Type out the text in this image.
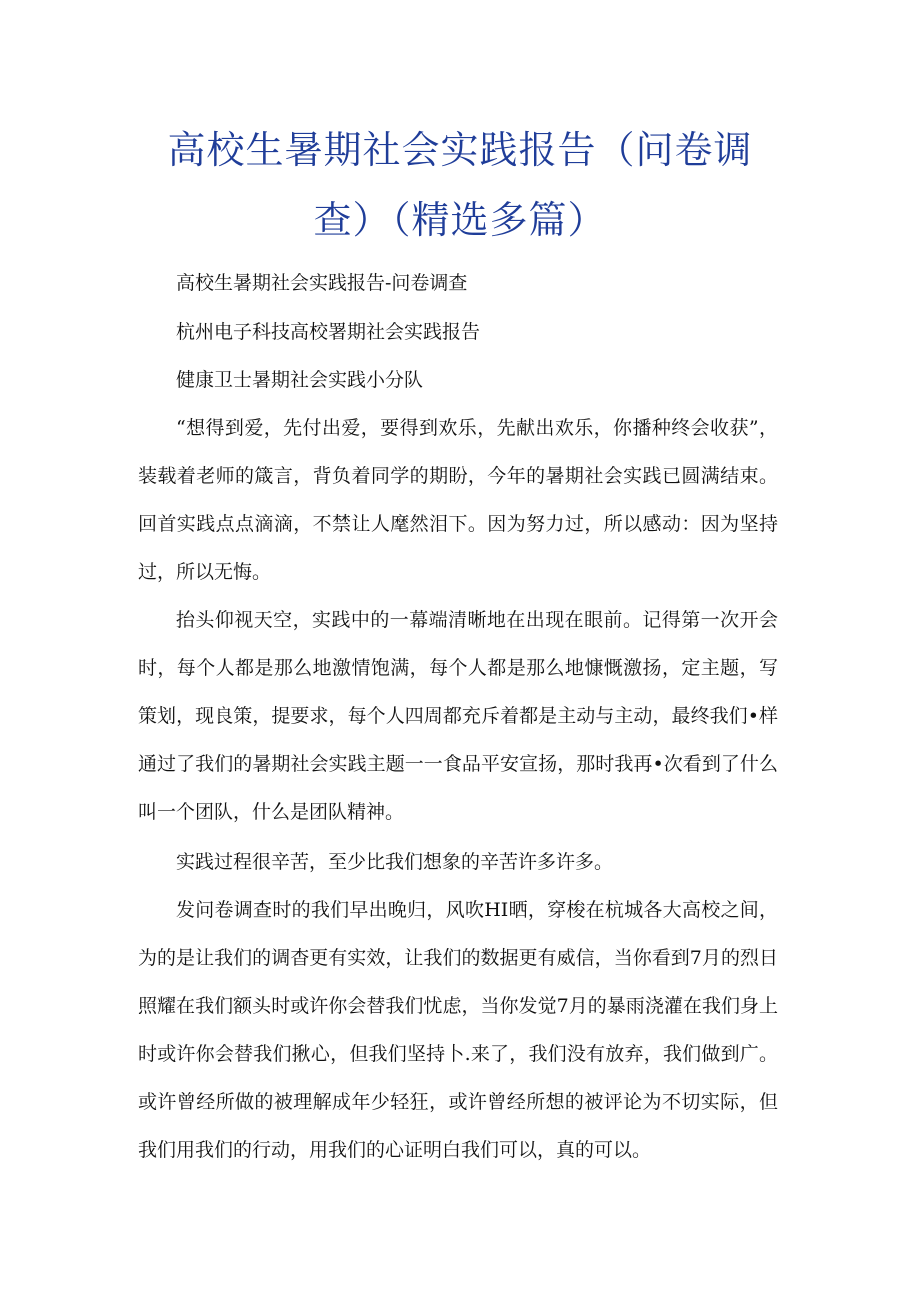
高校生暑期社会实践报告（问卷调
查）（精选多篇）
高校生暑期社会实践报告-问卷调查
杭州电子科技高校署期社会实践报告
健康卫士暑期社会实践小分队

“想得到爱，先付出爱，要得到欢乐，先献出欢乐，你播种终会收获”，装载着老师的箴言，背负着同学的期盼，今年的暑期社会实践已圆满结束。回首实践点点滴滴，不禁让人麾然泪下。因为努力过，所以感动：因为坚持过，所以无悔。

抬头仰视天空，实践中的一幕端清晰地在出现在眼前。记得第一次开会时，每个人都是那么地激情饱满，每个人都是那么地慷慨激扬，定主题，写策划，现良策，提要求，每个人四周都充斥着都是主动与主动，最终我们•样通过了我们的暑期社会实践主题一一食品平安宣扬，那时我再•次看到了什么叫一个团队，什么是团队精神。

实践过程很辛苦，至少比我们想象的辛苦许多许多。

发问卷调查时的我们早出晚归，风吹HI晒，穿梭在杭城各大高校之间，为的是让我们的调杳更有实效，让我们的数据更有威信，当你看到7月的烈日照耀在我们额头时或许你会替我们忧虑，当你发觉7月的暴雨浇灌在我们身上时或许你会替我们揪心，但我们坚持卜.来了，我们没有放弃，我们做到广。或许曾经所做的被理解成年少轻狂，或许曾经所想的被评论为不切实际，但我们用我们的行动，用我们的心证明白我们可以，真的可以。
